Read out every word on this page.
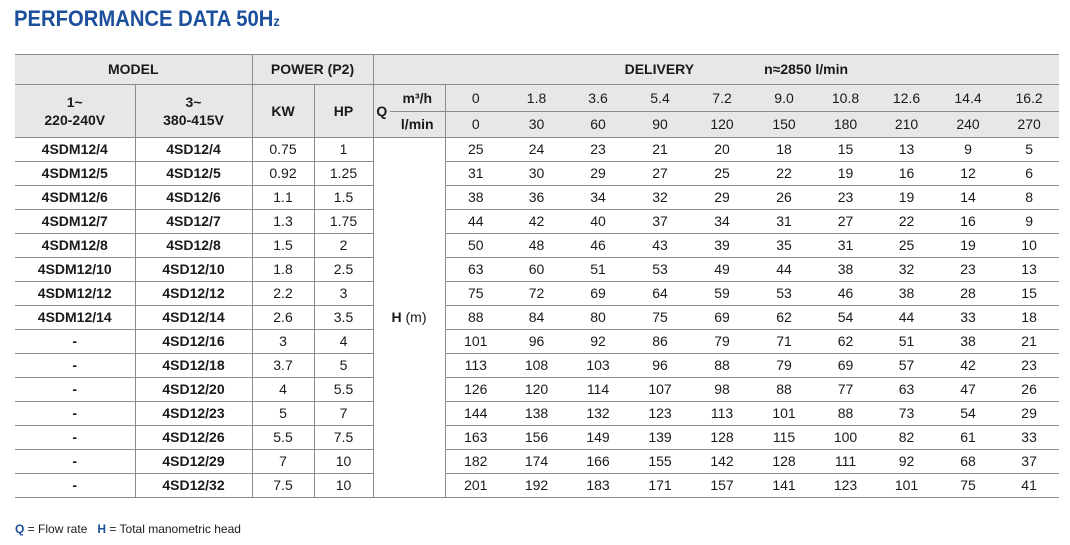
PERFORMANCE DATA 50Hz
MODEL		POWER (P2)		DELIVERY n≈2850 l/min											

1~
220-240V	3~
380-415V	KW	HP	Q	m³/h	0	1.8	3.6	5.4	7.2	9.0	10.8	12.6	14.4	16.2
					l/min	0	30	60	90	120	150	180	210	240	270
4SDM12/4	4SD12/4	0.75	1	H (m)		25	24	23	21	20	18	15	13	9	5
4SDM12/5	4SD12/5	0.92	1.25			31	30	29	27	25	22	19	16	12	6
4SDM12/6	4SD12/6	1.1	1.5			38	36	34	32	29	26	23	19	14	8
4SDM12/7	4SD12/7	1.3	1.75			44	42	40	37	34	31	27	22	16	9
4SDM12/8	4SD12/8	1.5	2			50	48	46	43	39	35	31	25	19	10
4SDM12/10	4SD12/10	1.8	2.5			63	60	51	53	49	44	38	32	23	13
4SDM12/12	4SD12/12	2.2	3			75	72	69	64	59	53	46	38	28	15
4SDM12/14	4SD12/14	2.6	3.5			88	84	80	75	69	62	54	44	33	18
-	4SD12/16	3	4			101	96	92	86	79	71	62	51	38	21
-	4SD12/18	3.7	5			113	108	103	96	88	79	69	57	42	23
-	4SD12/20	4	5.5			126	120	114	107	98	88	77	63	47	26
-	4SD12/23	5	7			144	138	132	123	113	101	88	73	54	29
-	4SD12/26	5.5	7.5			163	156	149	139	128	115	100	82	61	33
-	4SD12/29	7	10			182	174	166	155	142	128	111	92	68	37
-	4SD12/32	7.5	10			201	192	183	171	157	141	123	101	75	41
Q = Flow rate H = Total manometric head
